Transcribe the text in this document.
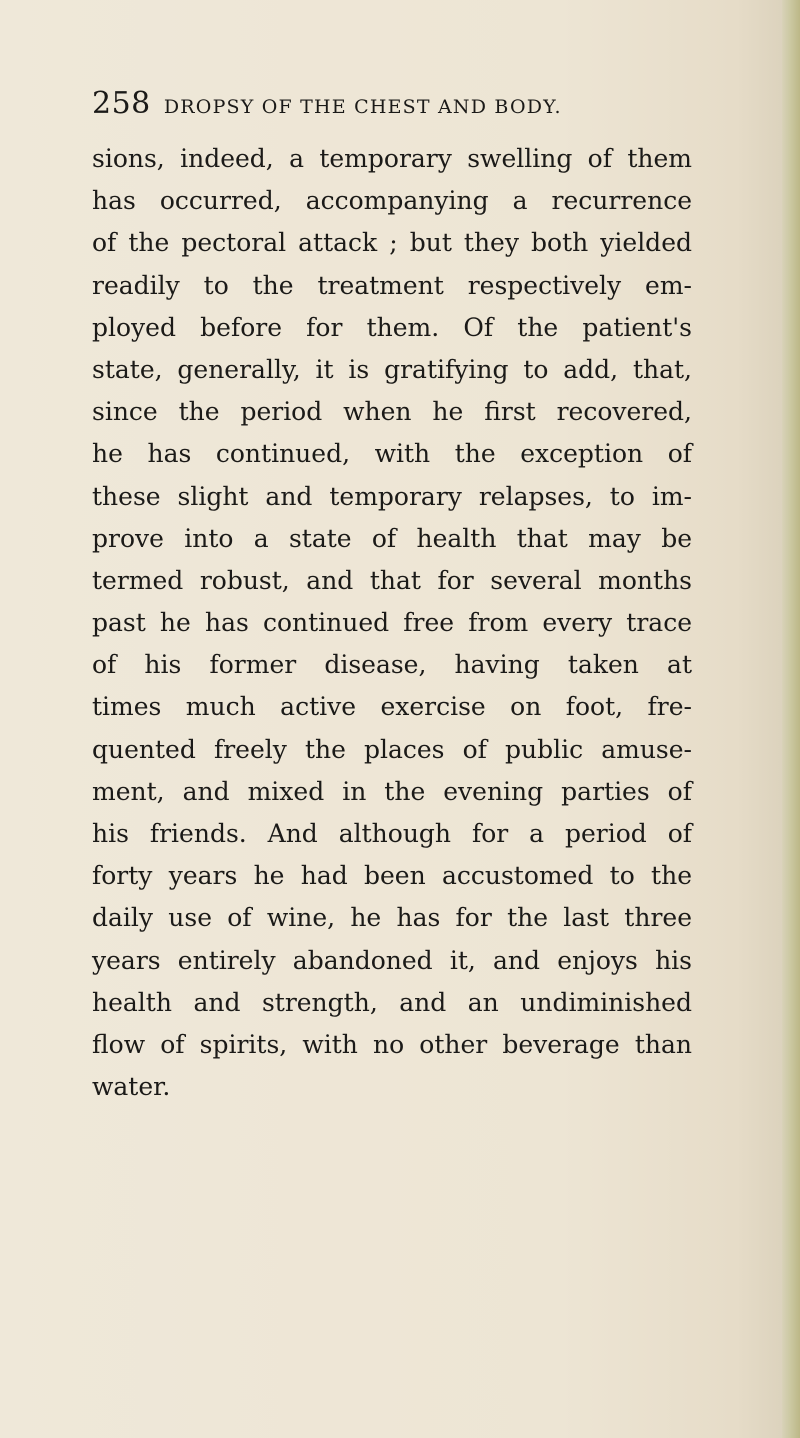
258 DROPSY OF THE CHEST AND BODY.
sions, indeed, a temporary swelling of them
has occurred, accompanying a recurrence
of the pectoral attack ; but they both yielded
readily to the treatment respectively em-
ployed before for them. Of the patient's
state, generally, it is gratifying to add, that,
since the period when he first recovered,
he has continued, with the exception of
these slight and temporary relapses, to im-
prove into a state of health that may be
termed robust, and that for several months
past he has continued free from every trace
of his former disease, having taken at
times much active exercise on foot, fre-
quented freely the places of public amuse-
ment, and mixed in the evening parties of
his friends. And although for a period of
forty years he had been accustomed to the
daily use of wine, he has for the last three
years entirely abandoned it, and enjoys his
health and strength, and an undiminished
flow of spirits, with no other beverage than
water.
